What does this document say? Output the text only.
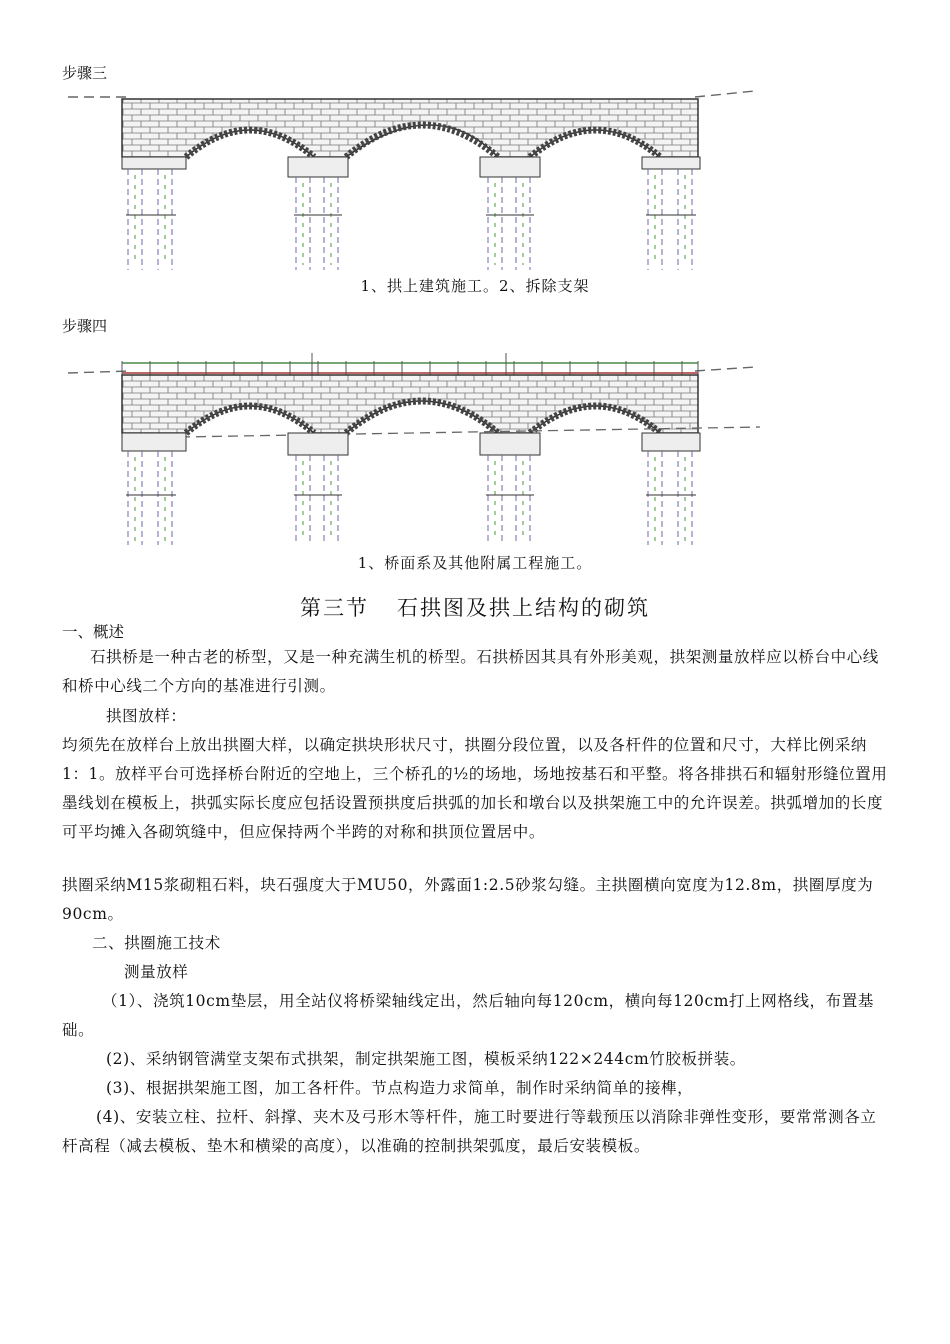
步骤三
1、拱上建筑施工。2、拆除支架
步骤四
1、桥面系及其他附属工程施工。
第三节 石拱图及拱上结构的砌筑
一、概述
石拱桥是一种古老的桥型，又是一种充满生机的桥型。石拱桥因其具有外形美观，拱架测量放样应以桥台中心线和桥中心线二个方向的基准进行引测。
拱图放样：
均须先在放样台上放出拱圈大样，以确定拱块形状尺寸，拱圈分段位置，以及各杆件的位置和尺寸，大样比例采纳1：1。放样平台可选择桥台附近的空地上，三个桥孔的½的场地，场地按基石和平整。将各排拱石和辐射形缝位置用墨线划在模板上，拱弧实际长度应包括设置预拱度后拱弧的加长和墩台以及拱架施工中的允许误差。拱弧增加的长度可平均摊入各砌筑缝中，但应保持两个半跨的对称和拱顶位置居中。
拱圈采纳M15浆砌粗石料，块石强度大于MU50，外露面1:2.5砂浆勾缝。主拱圈横向宽度为12.8m，拱圈厚度为90cm。
二、拱圈施工技术
测量放样
（1）、浇筑10cm垫层，用全站仪将桥梁轴线定出，然后轴向每120cm，横向每120cm打上网格线，布置基础。
(2)、采纳钢管满堂支架布式拱架，制定拱架施工图，模板采纳122×244cm竹胶板拼装。
(3)、根据拱架施工图，加工各杆件。节点构造力求简单，制作时采纳简单的接榫，
(4)、安装立柱、拉杆、斜撑、夹木及弓形木等杆件，施工时要进行等载预压以消除非弹性变形，要常常测各立杆高程（减去模板、垫木和横梁的高度），以准确的控制拱架弧度，最后安装模板。
